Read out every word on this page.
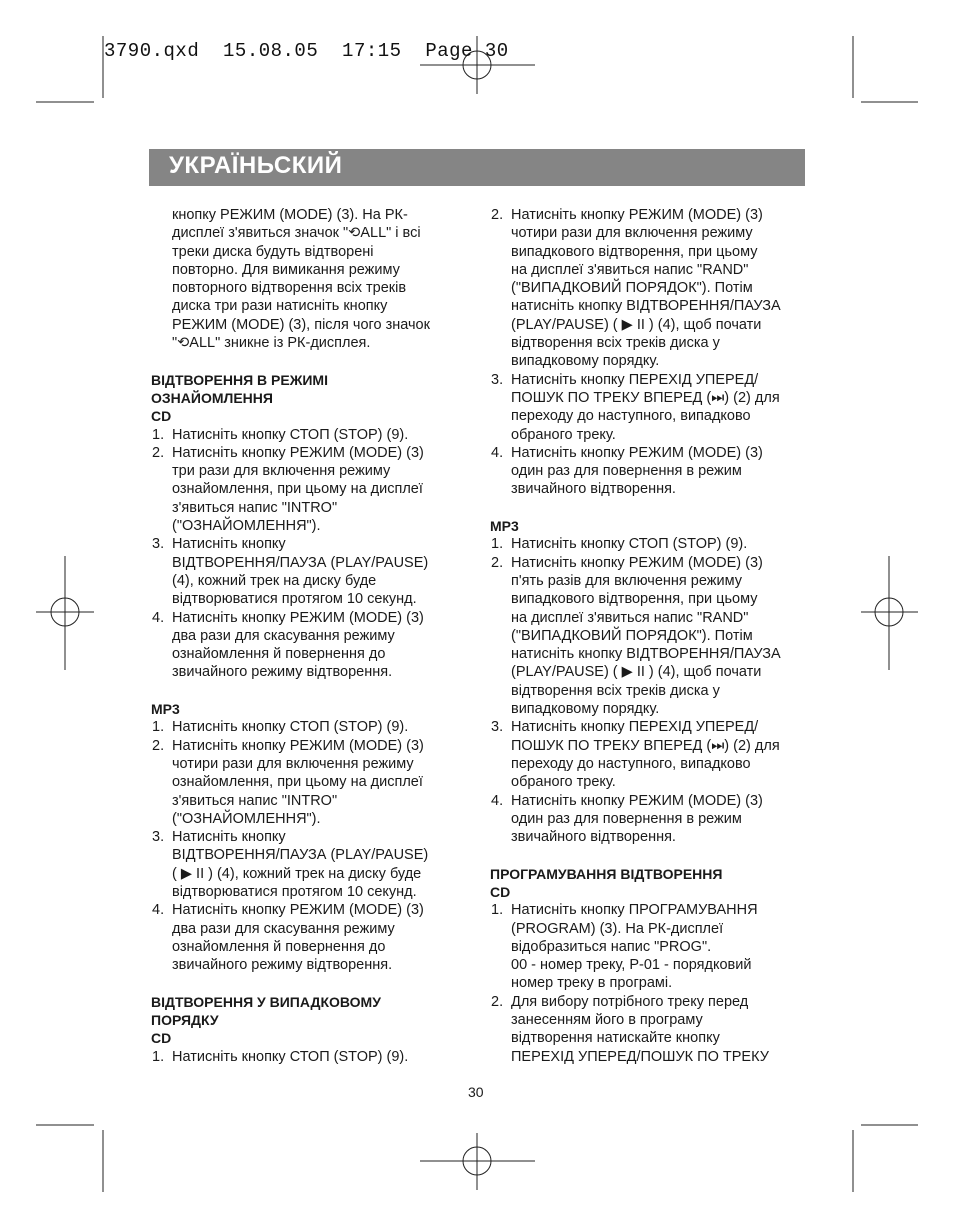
3790.qxd  15.08.05  17:15  Page 30
УКРАЇНЬСКИЙ

кнопку РЕЖИМ (MODE) (3). На РК-

дисплеї з'явиться значок "⟲ALL" і всі

треки диска будуть відтворені

повторно. Для вимикання режиму

повторного відтворення всіх треків

диска три рази натисніть кнопку

РЕЖИМ (MODE) (3), після чого значок

"⟲ALL" зникне із РК-дисплея.

ВІДТВОРЕННЯ В РЕЖИМІ

ОЗНАЙОМЛЕННЯ

CD

1. Натисніть кнопку СТОП (STOP) (9).
2. Натисніть кнопку РЕЖИМ (MODE) (3)
три рази для включення режиму
ознайомлення, при цьому на дисплеї
з'явиться напис "INTRO"
("ОЗНАЙОМЛЕННЯ").
3. Натисніть кнопку
ВІДТВОРЕННЯ/ПАУЗА (PLAY/PAUSE)
(4), кожний трек на диску буде
відтворюватися протягом 10 секунд.
4. Натисніть кнопку РЕЖИМ (MODE) (3)
два рази для скасування режиму
ознайомлення й повернення до
звичайного режиму відтворення.

MP3

1. Натисніть кнопку СТОП (STOP) (9).
2. Натисніть кнопку РЕЖИМ (MODE) (3)
чотири рази для включення режиму
ознайомлення, при цьому на дисплеї
з'явиться напис "INTRO"
("ОЗНАЙОМЛЕННЯ").
3. Натисніть кнопку
ВІДТВОРЕННЯ/ПАУЗА (PLAY/PAUSE)
( ▶ II ) (4), кожний трек на диску буде
відтворюватися протягом 10 секунд.
4. Натисніть кнопку РЕЖИМ (MODE) (3)
два рази для скасування режиму
ознайомлення й повернення до
звичайного режиму відтворення.

ВІДТВОРЕННЯ У ВИПАДКОВОМУ

ПОРЯДКУ

CD

1. Натисніть кнопку СТОП (STOP) (9).
2. Натисніть кнопку РЕЖИМ (MODE) (3)
чотири рази для включення режиму
випадкового відтворення, при цьому
на дисплеї з'явиться напис "RAND"
("ВИПАДКОВИЙ ПОРЯДОК"). Потім
натисніть кнопку ВІДТВОРЕННЯ/ПАУЗА
(PLAY/PAUSE) ( ▶ II ) (4), щоб почати
відтворення всіх треків диска у
випадковому порядку.
3. Натисніть кнопку ПЕРЕХІД УПЕРЕД/
ПОШУК ПО ТРЕКУ ВПЕРЕД (⏭) (2) для
переходу до наступного, випадково
обраного треку.
4. Натисніть кнопку РЕЖИМ (MODE) (3)
один раз для повернення в режим
звичайного відтворення.

MP3

1. Натисніть кнопку СТОП (STOP) (9).
2. Натисніть кнопку РЕЖИМ (MODE) (3)
п'ять разів для включення режиму
випадкового відтворення, при цьому
на дисплеї з'явиться напис "RAND"
("ВИПАДКОВИЙ ПОРЯДОК"). Потім
натисніть кнопку ВІДТВОРЕННЯ/ПАУЗА
(PLAY/PAUSE) ( ▶ II ) (4), щоб почати
відтворення всіх треків диска у
випадковому порядку.
3. Натисніть кнопку ПЕРЕХІД УПЕРЕД/
ПОШУК ПО ТРЕКУ ВПЕРЕД (⏭) (2) для
переходу до наступного, випадково
обраного треку.
4. Натисніть кнопку РЕЖИМ (MODE) (3)
один раз для повернення в режим
звичайного відтворення.

ПРОГРАМУВАННЯ ВІДТВОРЕННЯ

CD

1. Натисніть кнопку ПРОГРАМУВАННЯ
(PROGRAM) (3). На РК-дисплеї
відобразиться напис "PROG".
00 - номер треку, P-01 - порядковий
номер треку в програмі.
2. Для вибору потрібного треку перед
занесенням його в програму
відтворення натискайте кнопку
ПЕРЕХІД УПЕРЕД/ПОШУК ПО ТРЕКУ
30
